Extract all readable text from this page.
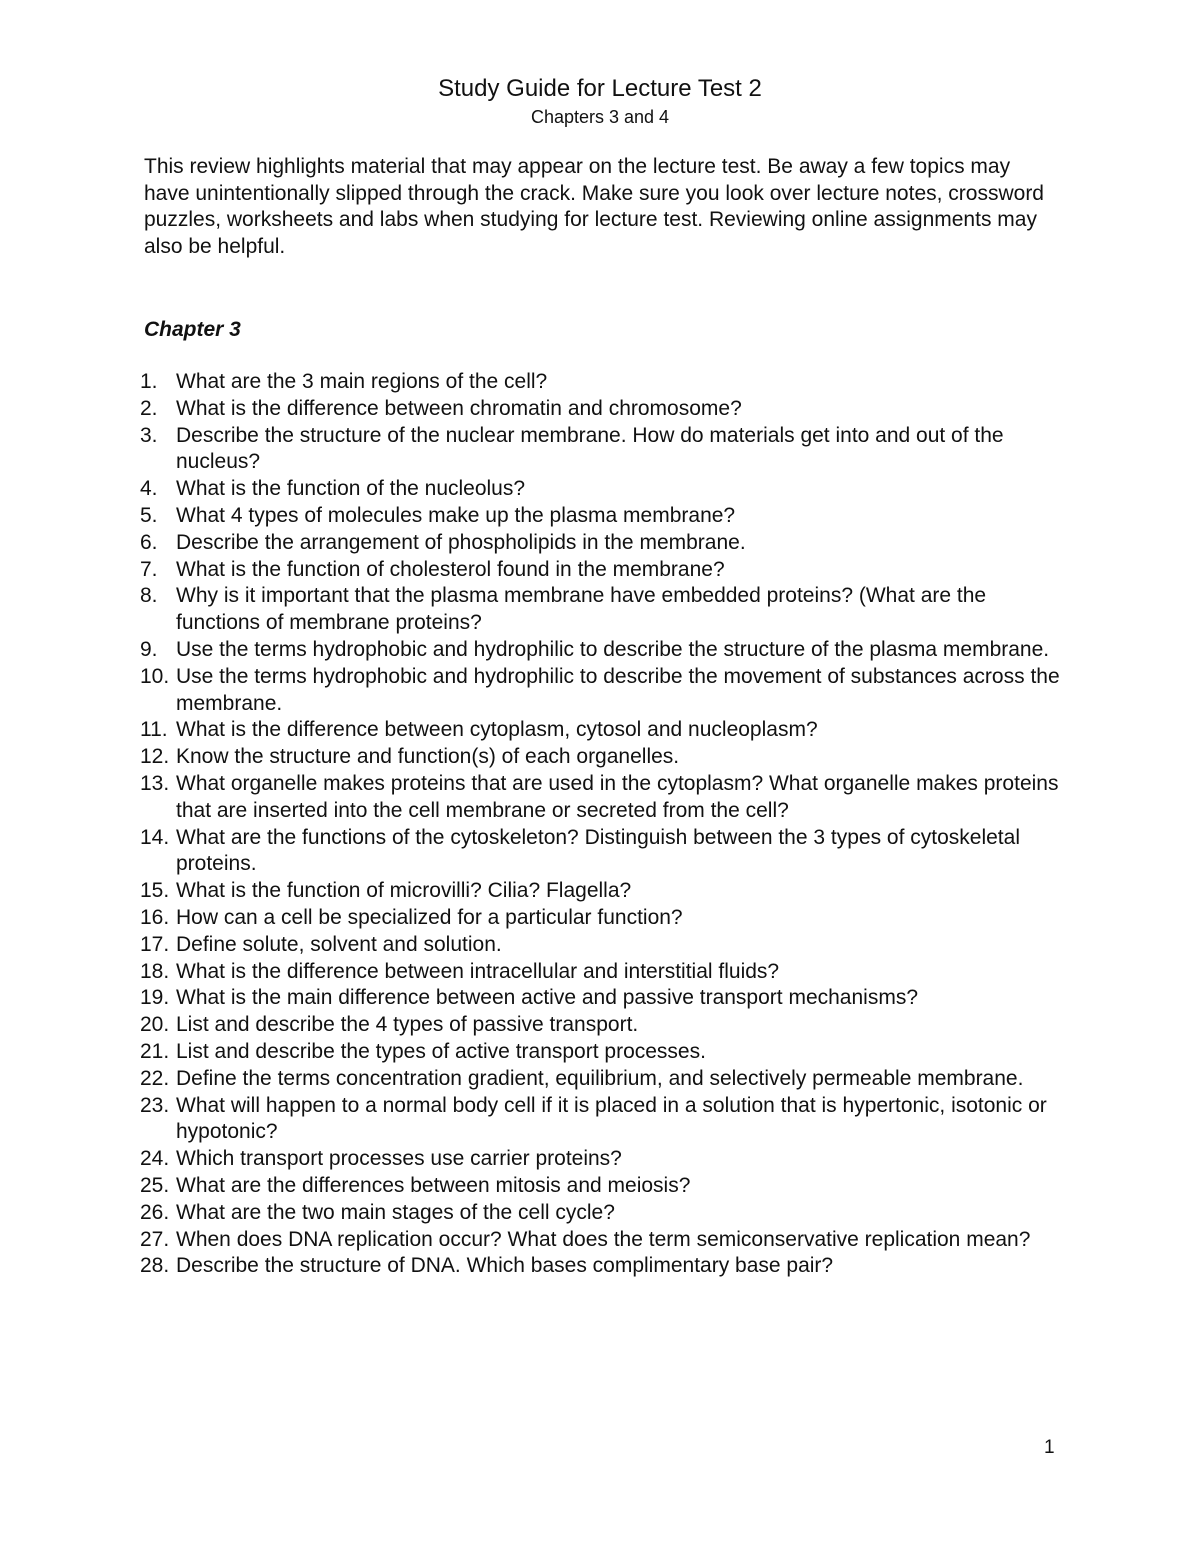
Study Guide for Lecture Test 2
Chapters 3 and 4

This review highlights material that may appear on the lecture test. Be away a few topics may have unintentionally slipped through the crack. Make sure you look over lecture notes, crossword puzzles, worksheets and labs when studying for lecture test. Reviewing online assignments may also be helpful.

Chapter 3
1. What are the 3 main regions of the cell?
2. What is the difference between chromatin and chromosome?
3. Describe the structure of the nuclear membrane. How do materials get into and out of the nucleus?
4. What is the function of the nucleolus?
5. What 4 types of molecules make up the plasma membrane?
6. Describe the arrangement of phospholipids in the membrane.
7. What is the function of cholesterol found in the membrane?
8. Why is it important that the plasma membrane have embedded proteins? (What are the functions of membrane proteins?
9. Use the terms hydrophobic and hydrophilic to describe the structure of the plasma membrane.
10. Use the terms hydrophobic and hydrophilic to describe the movement of substances across the membrane.
11. What is the difference between cytoplasm, cytosol and nucleoplasm?
12. Know the structure and function(s) of each organelles.
13. What organelle makes proteins that are used in the cytoplasm? What organelle makes proteins that are inserted into the cell membrane or secreted from the cell?
14. What are the functions of the cytoskeleton? Distinguish between the 3 types of cytoskeletal proteins.
15. What is the function of microvilli? Cilia? Flagella?
16. How can a cell be specialized for a particular function?
17. Define solute, solvent and solution.
18. What is the difference between intracellular and interstitial fluids?
19. What is the main difference between active and passive transport mechanisms?
20. List and describe the 4 types of passive transport.
21. List and describe the types of active transport processes.
22. Define the terms concentration gradient, equilibrium, and selectively permeable membrane.
23. What will happen to a normal body cell if it is placed in a solution that is hypertonic, isotonic or hypotonic?
24. Which transport processes use carrier proteins?
25. What are the differences between mitosis and meiosis?
26. What are the two main stages of the cell cycle?
27. When does DNA replication occur? What does the term semiconservative replication mean?
28. Describe the structure of DNA. Which bases complimentary base pair?
1
